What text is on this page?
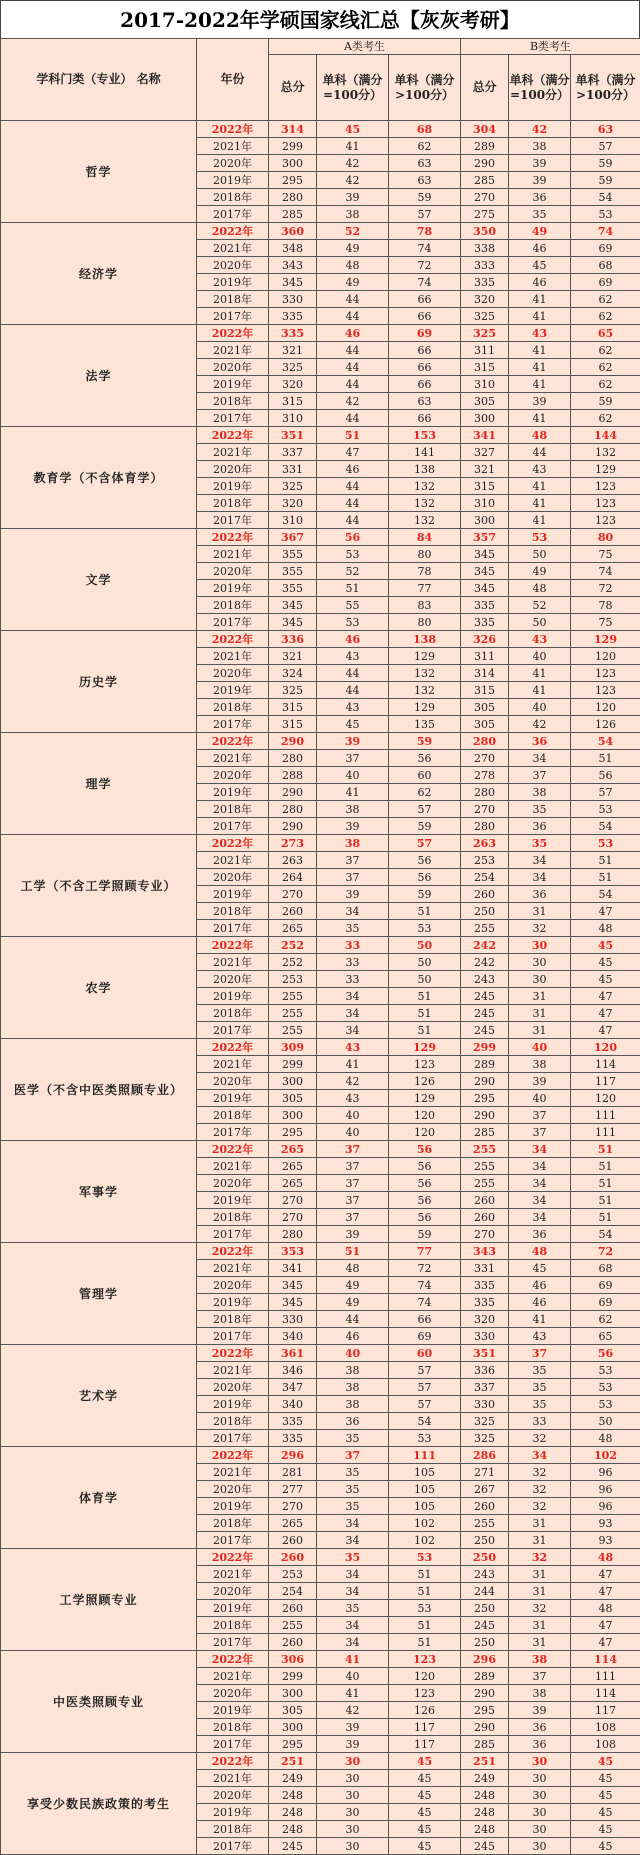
2017-2022年学硕国家线汇总【灰灰考研】
学科门类（专业） 名称	年份	A类考生			B类考生		
		总分	单科（满分=100分）	单科（满分>100分）	总分	单科（满分=100分）	单科（满分>100分）
哲学	2022年	314	45	68	304	42	63
	2021年	299	41	62	289	38	57
	2020年	300	42	63	290	39	59
	2019年	295	42	63	285	39	59
	2018年	280	39	59	270	36	54
	2017年	285	38	57	275	35	53
经济学	2022年	360	52	78	350	49	74
	2021年	348	49	74	338	46	69
	2020年	343	48	72	333	45	68
	2019年	345	49	74	335	46	69
	2018年	330	44	66	320	41	62
	2017年	335	44	66	325	41	62
法学	2022年	335	46	69	325	43	65
	2021年	321	44	66	311	41	62
	2020年	325	44	66	315	41	62
	2019年	320	44	66	310	41	62
	2018年	315	42	63	305	39	59
	2017年	310	44	66	300	41	62
教育学（不含体育学）	2022年	351	51	153	341	48	144
	2021年	337	47	141	327	44	132
	2020年	331	46	138	321	43	129
	2019年	325	44	132	315	41	123
	2018年	320	44	132	310	41	123
	2017年	310	44	132	300	41	123
文学	2022年	367	56	84	357	53	80
	2021年	355	53	80	345	50	75
	2020年	355	52	78	345	49	74
	2019年	355	51	77	345	48	72
	2018年	345	55	83	335	52	78
	2017年	345	53	80	335	50	75
历史学	2022年	336	46	138	326	43	129
	2021年	321	43	129	311	40	120
	2020年	324	44	132	314	41	123
	2019年	325	44	132	315	41	123
	2018年	315	43	129	305	40	120
	2017年	315	45	135	305	42	126
理学	2022年	290	39	59	280	36	54
	2021年	280	37	56	270	34	51
	2020年	288	40	60	278	37	56
	2019年	290	41	62	280	38	57
	2018年	280	38	57	270	35	53
	2017年	290	39	59	280	36	54
工学（不含工学照顾专业）	2022年	273	38	57	263	35	53
	2021年	263	37	56	253	34	51
	2020年	264	37	56	254	34	51
	2019年	270	39	59	260	36	54
	2018年	260	34	51	250	31	47
	2017年	265	35	53	255	32	48
农学	2022年	252	33	50	242	30	45
	2021年	252	33	50	242	30	45
	2020年	253	33	50	243	30	45
	2019年	255	34	51	245	31	47
	2018年	255	34	51	245	31	47
	2017年	255	34	51	245	31	47
医学（不含中医类照顾专业）	2022年	309	43	129	299	40	120
	2021年	299	41	123	289	38	114
	2020年	300	42	126	290	39	117
	2019年	305	43	129	295	40	120
	2018年	300	40	120	290	37	111
	2017年	295	40	120	285	37	111
军事学	2022年	265	37	56	255	34	51
	2021年	265	37	56	255	34	51
	2020年	265	37	56	255	34	51
	2019年	270	37	56	260	34	51
	2018年	270	37	56	260	34	51
	2017年	280	39	59	270	36	54
管理学	2022年	353	51	77	343	48	72
	2021年	341	48	72	331	45	68
	2020年	345	49	74	335	46	69
	2019年	345	49	74	335	46	69
	2018年	330	44	66	320	41	62
	2017年	340	46	69	330	43	65
艺术学	2022年	361	40	60	351	37	56
	2021年	346	38	57	336	35	53
	2020年	347	38	57	337	35	53
	2019年	340	38	57	330	35	53
	2018年	335	36	54	325	33	50
	2017年	335	35	53	325	32	48
体育学	2022年	296	37	111	286	34	102
	2021年	281	35	105	271	32	96
	2020年	277	35	105	267	32	96
	2019年	270	35	105	260	32	96
	2018年	265	34	102	255	31	93
	2017年	260	34	102	250	31	93
工学照顾专业	2022年	260	35	53	250	32	48
	2021年	253	34	51	243	31	47
	2020年	254	34	51	244	31	47
	2019年	260	35	53	250	32	48
	2018年	255	34	51	245	31	47
	2017年	260	34	51	250	31	47
中医类照顾专业	2022年	306	41	123	296	38	114
	2021年	299	40	120	289	37	111
	2020年	300	41	123	290	38	114
	2019年	305	42	126	295	39	117
	2018年	300	39	117	290	36	108
	2017年	295	39	117	285	36	108
享受少数民族政策的考生	2022年	251	30	45	251	30	45
	2021年	249	30	45	249	30	45
	2020年	248	30	45	248	30	45
	2019年	248	30	45	248	30	45
	2018年	248	30	45	248	30	45
	2017年	245	30	45	245	30	45
